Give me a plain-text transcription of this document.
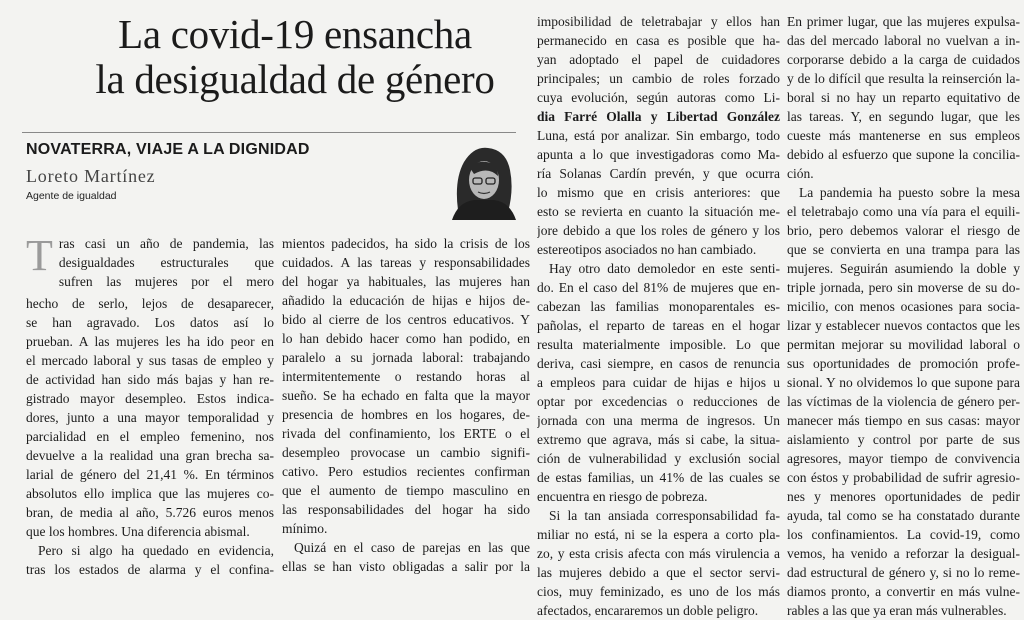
La covid-19 ensancha
la desigualdad de género
NOVATERRA, VIAJE A LA DIGNIDAD
Loreto Martínez
Agente de igualdad
T ras casi un año de pandemia, las
desigualdades estructurales que
sufren las mujeres por el mero
hecho de serlo, lejos de desaparecer,
se han agravado. Los datos así lo
prueban. A las mujeres les ha ido peor en
el mercado laboral y sus tasas de empleo y
de actividad han sido más bajas y han re-
gistrado mayor desempleo. Estos indica-
dores, junto a una mayor temporalidad y
parcialidad en el empleo femenino, nos
devuelve a la realidad una gran brecha sa-
larial de género del 21,41 %. En términos
absolutos ello implica que las mujeres co-
bran, de media al año, 5.726 euros menos
que los hombres. Una diferencia abismal.
Pero si algo ha quedado en evidencia,
tras los estados de alarma y el confina-
mientos padecidos, ha sido la crisis de los
cuidados. A las tareas y responsabilidades
del hogar ya habituales, las mujeres han
añadido la educación de hijas e hijos de-
bido al cierre de los centros educativos. Y
lo han debido hacer como han podido, en
paralelo a su jornada laboral: trabajando
intermitentemente o restando horas al
sueño. Se ha echado en falta que la mayor
presencia de hombres en los hogares, de-
rivada del confinamiento, los ERTE o el
desempleo provocase un cambio signifi-
cativo. Pero estudios recientes confirman
que el aumento de tiempo masculino en
las responsabilidades del hogar ha sido
mínimo.
Quizá en el caso de parejas en las que
ellas se han visto obligadas a salir por la
imposibilidad de teletrabajar y ellos han
permanecido en casa es posible que ha-
yan adoptado el papel de cuidadores
principales; un cambio de roles forzado
cuya evolución, según autoras como Li-
dia Farré Olalla y Libertad González
Luna, está por analizar. Sin embargo, todo
apunta a lo que investigadoras como Ma-
ría Solanas Cardín prevén, y que ocurra
lo mismo que en crisis anteriores: que
esto se revierta en cuanto la situación me-
jore debido a que los roles de género y los
estereotipos asociados no han cambiado.
Hay otro dato demoledor en este senti-
do. En el caso del 81% de mujeres que en-
cabezan las familias monoparentales es-
pañolas, el reparto de tareas en el hogar
resulta materialmente imposible. Lo que
deriva, casi siempre, en casos de renuncia
a empleos para cuidar de hijas e hijos u
optar por excedencias o reducciones de
jornada con una merma de ingresos. Un
extremo que agrava, más si cabe, la situa-
ción de vulnerabilidad y exclusión social
de estas familias, un 41% de las cuales se
encuentra en riesgo de pobreza.
Si la tan ansiada corresponsabilidad fa-
miliar no está, ni se la espera a corto pla-
zo, y esta crisis afecta con más virulencia a
las mujeres debido a que el sector servi-
cios, muy feminizado, es uno de los más
afectados, encararemos un doble peligro.
En primer lugar, que las mujeres expulsa-
das del mercado laboral no vuelvan a in-
corporarse debido a la carga de cuidados
y de lo difícil que resulta la reinserción la-
boral si no hay un reparto equitativo de
las tareas. Y, en segundo lugar, que les
cueste más mantenerse en sus empleos
debido al esfuerzo que supone la concilia-
ción.
La pandemia ha puesto sobre la mesa
el teletrabajo como una vía para el equili-
brio, pero debemos valorar el riesgo de
que se convierta en una trampa para las
mujeres. Seguirán asumiendo la doble y
triple jornada, pero sin moverse de su do-
micilio, con menos ocasiones para socia-
lizar y establecer nuevos contactos que les
permitan mejorar su movilidad laboral o
sus oportunidades de promoción profe-
sional. Y no olvidemos lo que supone para
las víctimas de la violencia de género per-
manecer más tiempo en sus casas: mayor
aislamiento y control por parte de sus
agresores, mayor tiempo de convivencia
con éstos y probabilidad de sufrir agresio-
nes y menores oportunidades de pedir
ayuda, tal como se ha constatado durante
los confinamientos. La covid-19, como
vemos, ha venido a reforzar la desigual-
dad estructural de género y, si no lo reme-
diamos pronto, a convertir en más vulne-
rables a las que ya eran más vulnerables.
